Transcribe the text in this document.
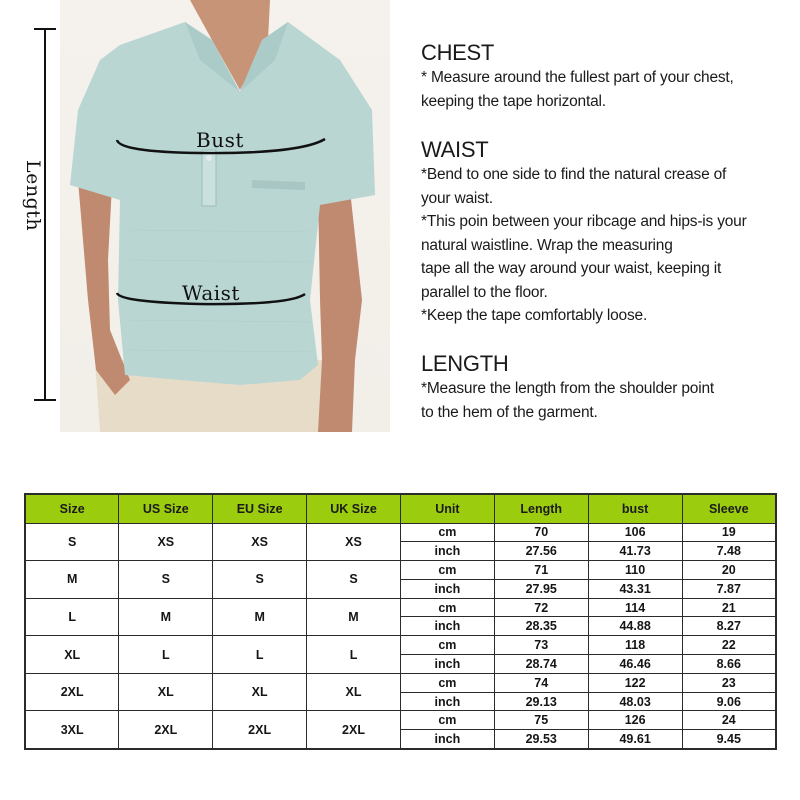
Length
Bust
Waist
CHEST
* Measure around the fullest part of your chest,
keeping the tape horizontal.
WAIST
*Bend to one side to find the natural crease of
your waist.
*This poin between your ribcage and hips-is your
natural waistline. Wrap the measuring
tape all the way around your waist, keeping it
parallel to the floor.
*Keep the tape comfortably loose.
LENGTH
*Measure the length from the shoulder point
to the hem of the garment.
Size	US Size	EU Size	UK Size	Unit	Length	bust	Sleeve
S	XS	XS	XS	cm	70	106	19
				inch	27.56	41.73	7.48
M	S	S	S	cm	71	110	20
				inch	27.95	43.31	7.87
L	M	M	M	cm	72	114	21
				inch	28.35	44.88	8.27
XL	L	L	L	cm	73	118	22
				inch	28.74	46.46	8.66
2XL	XL	XL	XL	cm	74	122	23
				inch	29.13	48.03	9.06
3XL	2XL	2XL	2XL	cm	75	126	24
				inch	29.53	49.61	9.45
